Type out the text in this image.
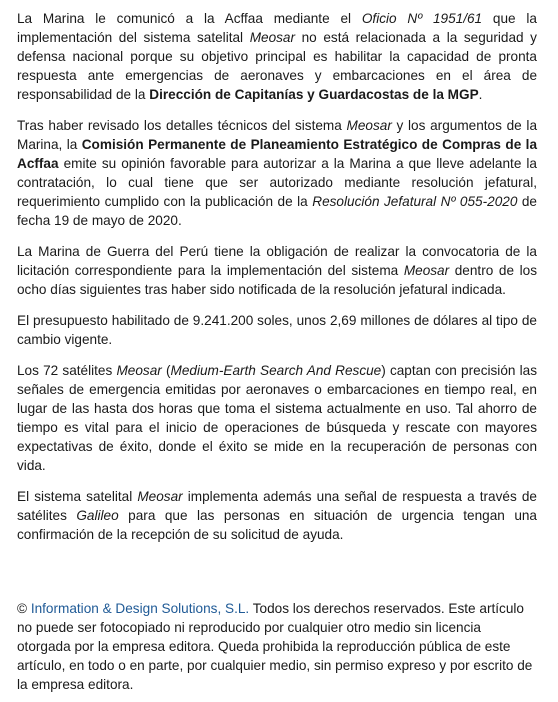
La Marina le comunicó a la Acffaa mediante el Oficio Nº 1951/61 que la implementación del sistema satelital Meosar no está relacionada a la seguridad y defensa nacional porque su objetivo principal es habilitar la capacidad de pronta respuesta ante emergencias de aeronaves y embarcaciones en el área de responsabilidad de la Dirección de Capitanías y Guardacostas de la MGP.

Tras haber revisado los detalles técnicos del sistema Meosar y los argumentos de la Marina, la Comisión Permanente de Planeamiento Estratégico de Compras de la Acffaa emite su opinión favorable para autorizar a la Marina a que lleve adelante la contratación, lo cual tiene que ser autorizado mediante resolución jefatural, requerimiento cumplido con la publicación de la Resolución Jefatural Nº 055-2020 de fecha 19 de mayo de 2020.

La Marina de Guerra del Perú tiene la obligación de realizar la convocatoria de la licitación correspondiente para la implementación del sistema Meosar dentro de los ocho días siguientes tras haber sido notificada de la resolución jefatural indicada.

El presupuesto habilitado de 9.241.200 soles, unos 2,69 millones de dólares al tipo de cambio vigente.

Los 72 satélites Meosar (Medium-Earth Search And Rescue) captan con precisión las señales de emergencia emitidas por aeronaves o embarcaciones en tiempo real, en lugar de las hasta dos horas que toma el sistema actualmente en uso. Tal ahorro de tiempo es vital para el inicio de operaciones de búsqueda y rescate con mayores expectativas de éxito, donde el éxito se mide en la recuperación de personas con vida.

El sistema satelital Meosar implementa además una señal de respuesta a través de satélites Galileo para que las personas en situación de urgencia tengan una confirmación de la recepción de su solicitud de ayuda.

© Information & Design Solutions, S.L. Todos los derechos reservados. Este artículo no puede ser fotocopiado ni reproducido por cualquier otro medio sin licencia otorgada por la empresa editora. Queda prohibida la reproducción pública de este artículo, en todo o en parte, por cualquier medio, sin permiso expreso y por escrito de la empresa editora.
